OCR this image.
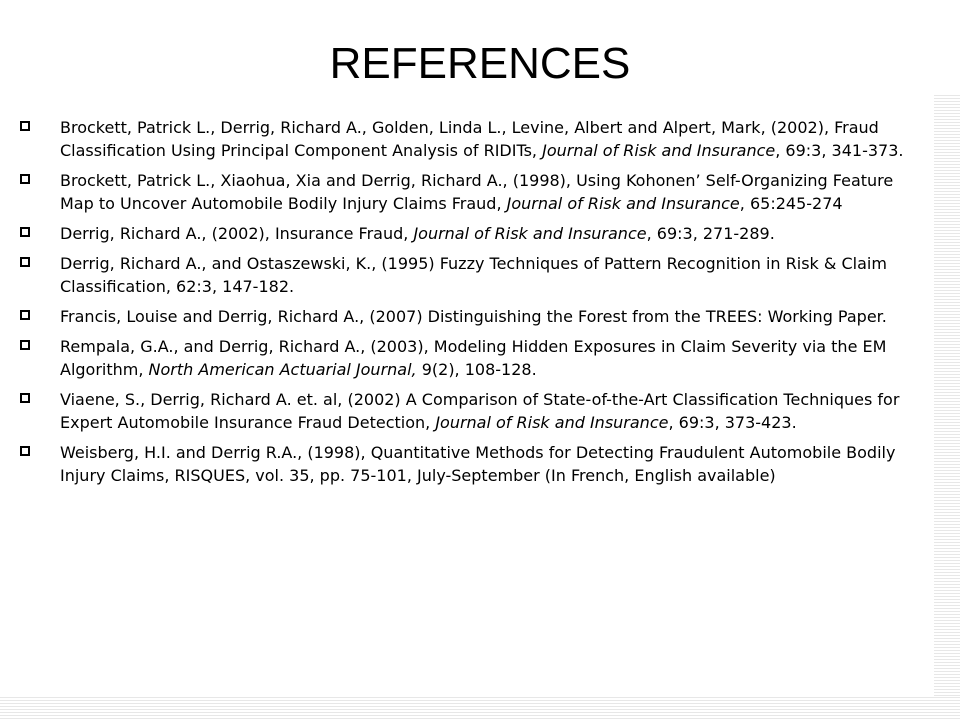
REFERENCES
Brockett, Patrick L., Derrig, Richard A., Golden, Linda L., Levine, Albert and Alpert, Mark, (2002), Fraud Classification Using Principal Component Analysis of RIDITs, Journal of Risk and Insurance, 69:3, 341-373.
Brockett, Patrick L., Xiaohua, Xia and Derrig, Richard A., (1998), Using Kohonen’ Self-Organizing Feature Map to Uncover Automobile Bodily Injury Claims Fraud, Journal of Risk and Insurance, 65:245-274
Derrig, Richard A., (2002), Insurance Fraud, Journal of Risk and Insurance, 69:3, 271-289.
Derrig, Richard A., and Ostaszewski, K., (1995) Fuzzy Techniques of Pattern Recognition in Risk & Claim Classification, 62:3, 147-182.
Francis, Louise and Derrig, Richard A., (2007) Distinguishing the Forest from the TREES: Working Paper.
Rempala, G.A., and Derrig, Richard A., (2003), Modeling Hidden Exposures in Claim Severity via the EM Algorithm, North American Actuarial Journal, 9(2), 108-128.
Viaene, S., Derrig, Richard A. et. al, (2002) A Comparison of State-of-the-Art Classification Techniques for Expert Automobile Insurance Fraud Detection, Journal of Risk and Insurance, 69:3, 373-423.
Weisberg, H.I. and Derrig R.A., (1998), Quantitative Methods for Detecting Fraudulent Automobile Bodily Injury Claims, RISQUES, vol. 35, pp. 75-101, July-September (In French, English available)
